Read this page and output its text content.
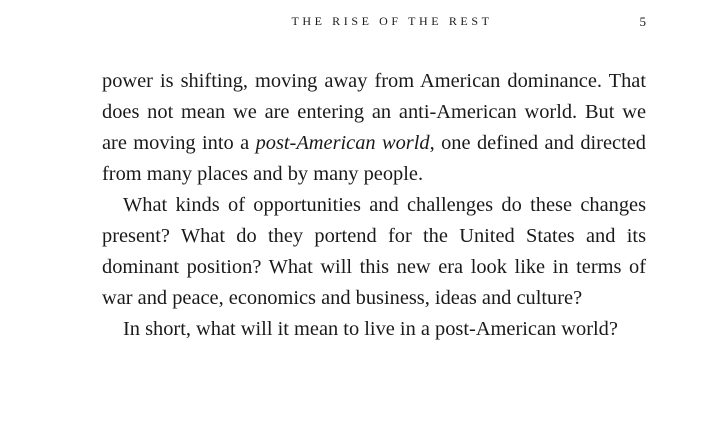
THE RISE OF THE REST	5

power is shifting, moving away from American dominance. That does not mean we are entering an anti-American world. But we are moving into a post-American world, one defined and directed from many places and by many people.

What kinds of opportunities and challenges do these changes present? What do they portend for the United States and its dominant position? What will this new era look like in terms of war and peace, economics and business, ideas and culture?

In short, what will it mean to live in a post-American world?
